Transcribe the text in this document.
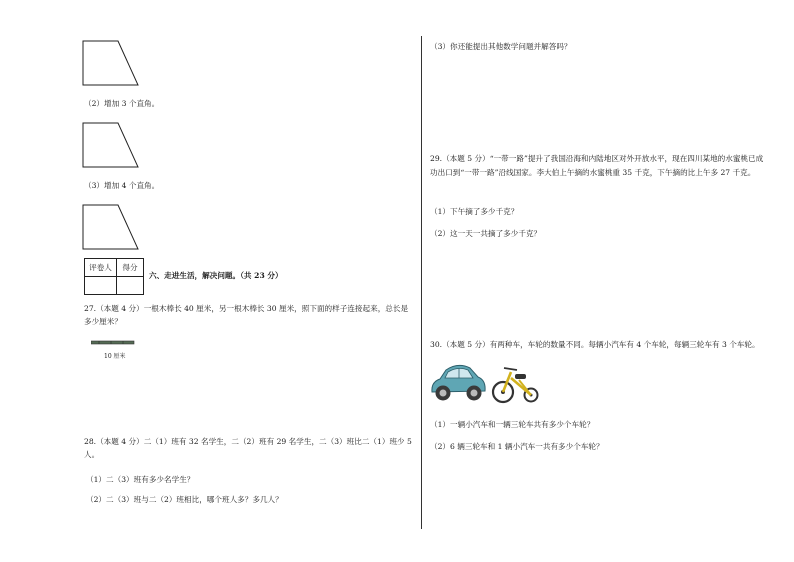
（2）增加 3 个直角。

（3）增加 4 个直角。

评卷人	得分

六、走进生活，解决问题。（共 23 分）

27.（本题 4 分）一根木棒长 40 厘米，另一根木棒长 30 厘米，照下面的样子连接起来，总长是多少厘米？

10 厘米

28.（本题 4 分）二（1）班有 32 名学生，二（2）班有 29 名学生，二（3）班比二（1）班少 5 人。

（1）二（3）班有多少名学生？

（2）二（3）班与二（2）班相比，哪个班人多？多几人？

（3）你还能提出其他数学问题并解答吗？

29.（本题 5 分）“一带一路”提升了我国沿海和内陆地区对外开放水平，现在四川某地的水蜜桃已成功出口到“一带一路”沿线国家。李大伯上午摘的水蜜桃重 35 千克，下午摘的比上午多 27 千克。

（1）下午摘了多少千克？

（2）这一天一共摘了多少千克？

30.（本题 5 分）有两种车，车轮的数量不同。每辆小汽车有 4 个车轮，每辆三轮车有 3 个车轮。

（1）一辆小汽车和一辆三轮车共有多少个车轮？

（2）6 辆三轮车和 1 辆小汽车一共有多少个车轮？
